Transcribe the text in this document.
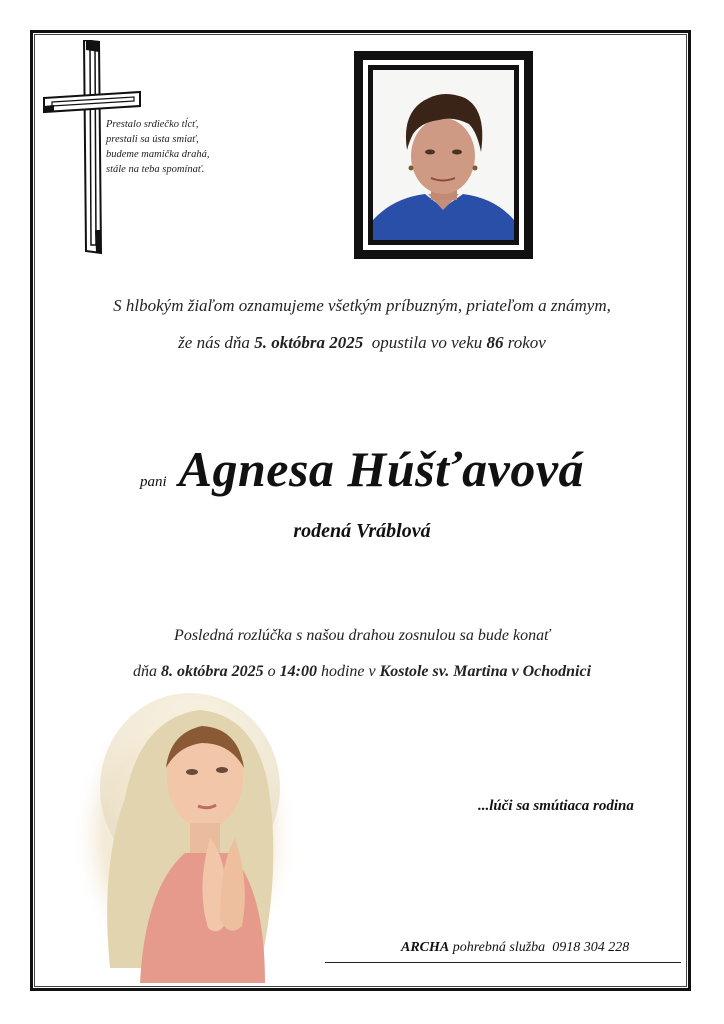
Prestalo srdiečko tĺcť,
prestali sa ústa smiať,
budeme mamička drahá,
stále na teba spomínať.
S hlbokým žiaľom oznamujeme všetkým príbuzným, priateľom a známym,
že nás dňa 5. októbra 2025 opustila vo veku 86 rokov
pani Agnesa Húšťavová
rodená Vráblová
Posledná rozlúčka s našou drahou zosnulou sa bude konať
dňa 8. októbra 2025 o 14:00 hodine v Kostole sv. Martina v Ochodnici
...lúči sa smútiaca rodina
ARCHA pohrebná služba 0918 304 228
